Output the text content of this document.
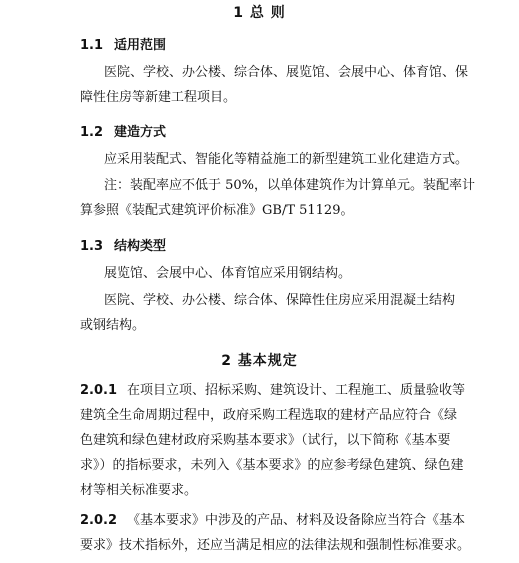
1 总 则
1.1 适用范围
医院、学校、办公楼、综合体、展览馆、会展中心、体育馆、保
障性住房等新建工程项目。
1.2 建造方式
应采用装配式、智能化等精益施工的新型建筑工业化建造方式。
注：装配率应不低于 50%，以单体建筑作为计算单元。装配率计
算参照《装配式建筑评价标准》GB/T 51129。
1.3 结构类型
展览馆、会展中心、体育馆应采用钢结构。
医院、学校、办公楼、综合体、保障性住房应采用混凝土结构
或钢结构。
2 基本规定
2.0.1 在项目立项、招标采购、建筑设计、工程施工、质量验收等
建筑全生命周期过程中，政府采购工程选取的建材产品应符合《绿
色建筑和绿色建材政府采购基本要求》（试行，以下简称《基本要
求》）的指标要求，未列入《基本要求》的应参考绿色建筑、绿色建
材等相关标准要求。
2.0.2 《基本要求》中涉及的产品、材料及设备除应当符合《基本
要求》技术指标外，还应当满足相应的法律法规和强制性标准要求。
